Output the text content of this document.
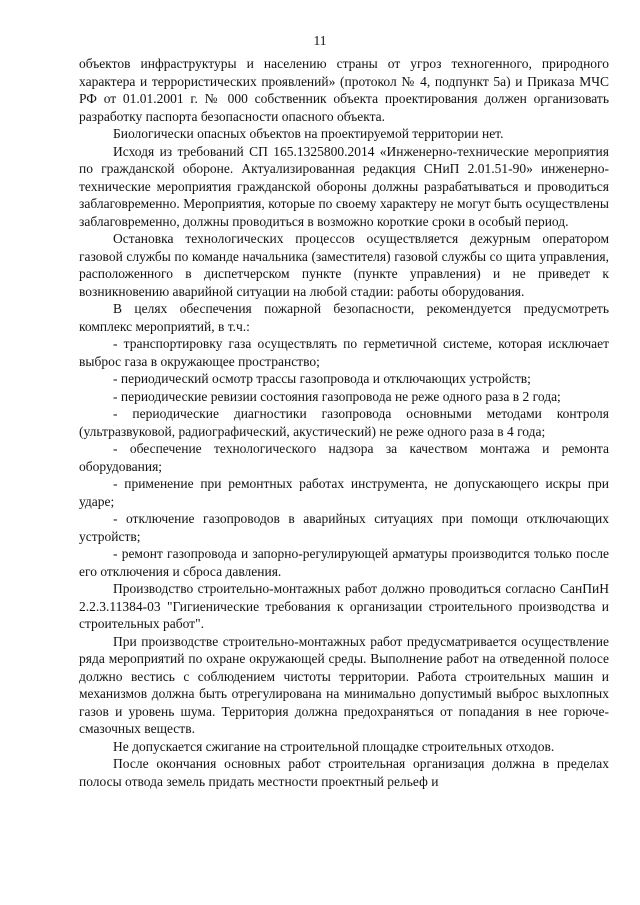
11

объектов инфраструктуры и населению страны от угроз техногенного, природного характера и террористических проявлений» (протокол № 4, подпункт 5а) и Приказа МЧС РФ от 01.01.2001 г. № 000 собственник объекта проектирования должен организовать разработку паспорта безопасности опасного объекта.

Биологически опасных объектов на проектируемой территории нет.

Исходя из требований СП 165.1325800.2014 «Инженерно-технические мероприятия по гражданской обороне. Актуализированная редакция СНиП 2.01.51-90» инженерно-технические мероприятия гражданской обороны должны разрабатываться и проводиться заблаговременно. Мероприятия, которые по своему характеру не могут быть осуществлены заблаговременно, должны проводиться в возможно короткие сроки в особый период.

Остановка технологических процессов осуществляется дежурным оператором газовой службы по команде начальника (заместителя) газовой службы со щита управления, расположенного в диспетчерском пункте (пункте управления) и не приведет к возникновению аварийной ситуации на любой стадии: работы оборудования.

В целях обеспечения пожарной безопасности, рекомендуется предусмотреть комплекс мероприятий, в т.ч.:

- транспортировку газа осуществлять по герметичной системе, которая исключает выброс газа в окружающее пространство;

- периодический осмотр трассы газопровода и отключающих устройств;

- периодические ревизии состояния газопровода не реже одного раза в 2 года;

- периодические диагностики газопровода основными методами контроля (ультразвуковой, радиографический, акустический) не реже одного раза в 4 года;

- обеспечение технологического надзора за качеством монтажа и ремонта оборудования;

- применение при ремонтных работах инструмента, не допускающего искры при ударе;

- отключение газопроводов в аварийных ситуациях при помощи отключающих устройств;

- ремонт газопровода и запорно-регулирующей арматуры производится только после его отключения и сброса давления.

Производство строительно-монтажных работ должно проводиться согласно СанПиН 2.2.3.11384-03 "Гигиенические требования к организации строительного производства и строительных работ".

При производстве строительно-монтажных работ предусматривается осуществление ряда мероприятий по охране окружающей среды. Выполнение работ на отведенной полосе должно вестись с соблюдением чистоты территории. Работа строительных машин и механизмов должна быть отрегулирована на минимально допустимый выброс выхлопных газов и уровень шума. Территория должна предохраняться от попадания в нее горюче-смазочных веществ.

Не допускается сжигание на строительной площадке строительных отходов.

После окончания основных работ строительная организация должна в пределах полосы отвода земель придать местности проектный рельеф и
